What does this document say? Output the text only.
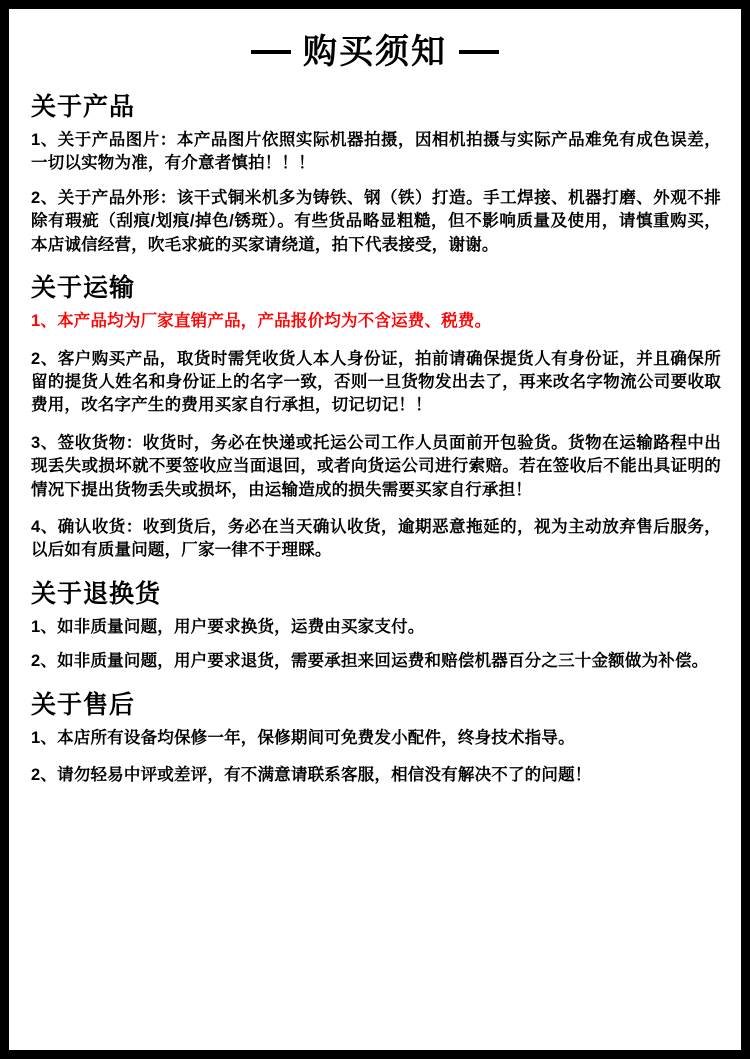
购买须知
关于产品

1、关于产品图片：本产品图片依照实际机器拍摄，因相机拍摄与实际产品难免有成色误差，一切以实物为准，有介意者慎拍！！！

2、关于产品外形：该干式铜米机多为铸铁、钢（铁）打造。手工焊接、机器打磨、外观不排除有瑕疵（刮痕/划痕/掉色/锈斑）。有些货品略显粗糙，但不影响质量及使用，请慎重购买，本店诚信经营，吹毛求疵的买家请绕道，拍下代表接受，谢谢。

关于运输

1、本产品均为厂家直销产品，产品报价均为不含运费、税费。

2、客户购买产品，取货时需凭收货人本人身份证，拍前请确保提货人有身份证，并且确保所留的提货人姓名和身份证上的名字一致，否则一旦货物发出去了，再来改名字物流公司要收取费用，改名字产生的费用买家自行承担，切记切记！！

3、签收货物：收货时，务必在快递或托运公司工作人员面前开包验货。货物在运输路程中出现丢失或损坏就不要签收应当面退回，或者向货运公司进行索赔。若在签收后不能出具证明的情况下提出货物丢失或损坏，由运输造成的损失需要买家自行承担！

4、确认收货：收到货后，务必在当天确认收货，逾期恶意拖延的，视为主动放弃售后服务，以后如有质量问题，厂家一律不于理睬。

关于退换货

1、如非质量问题，用户要求换货，运费由买家支付。

2、如非质量问题，用户要求退货，需要承担来回运费和赔偿机器百分之三十金额做为补偿。

关于售后

1、本店所有设备均保修一年，保修期间可免费发小配件，终身技术指导。

2、请勿轻易中评或差评，有不满意请联系客服，相信没有解决不了的问题！
